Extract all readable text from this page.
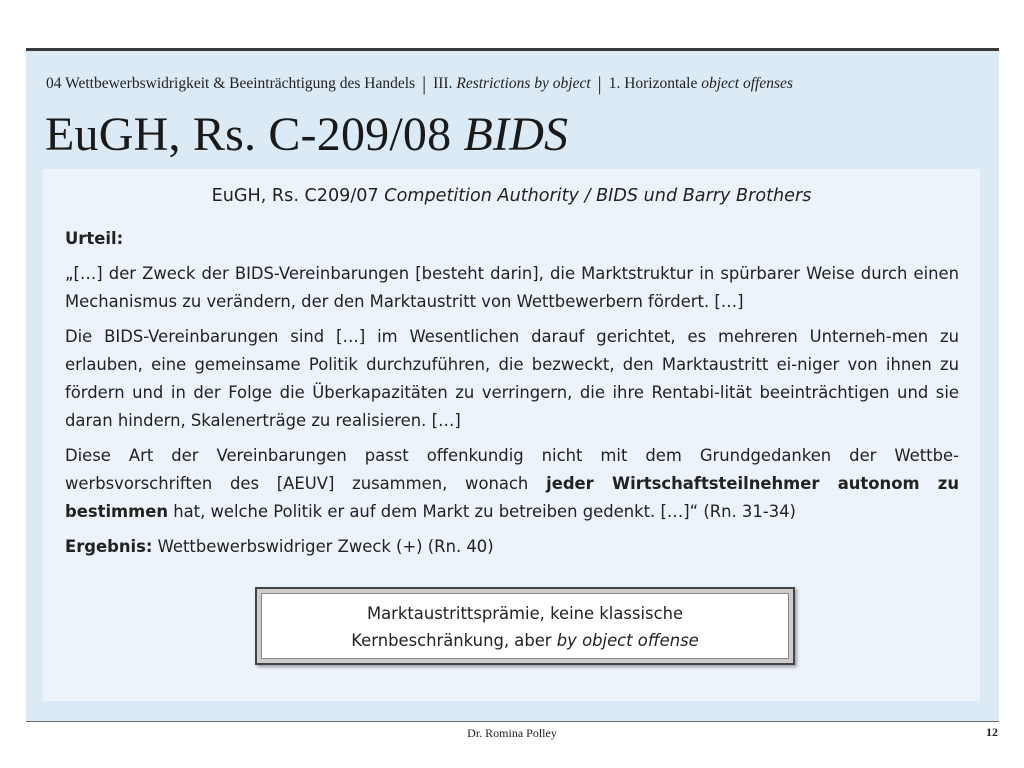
04 Wettbewerbswidrigkeit & Beeinträchtigung des Handels | III. Restrictions by object | 1. Horizontale object offenses
EuGH, Rs. C-209/08 BIDS
EuGH, Rs. C209/07 Competition Authority / BIDS und Barry Brothers

Urteil:

„[…] der Zweck der BIDS-Vereinbarungen [besteht darin], die Marktstruktur in spürbarer Weise durch einen Mechanismus zu verändern, der den Marktaustritt von Wettbewerbern fördert. […]

Die BIDS-Vereinbarungen sind […] im Wesentlichen darauf gerichtet, es mehreren Unterneh-men zu erlauben, eine gemeinsame Politik durchzuführen, die bezweckt, den Marktaustritt ei-niger von ihnen zu fördern und in der Folge die Überkapazitäten zu verringern, die ihre Rentabi-lität beeinträchtigen und sie daran hindern, Skalenerträge zu realisieren. […]

Diese Art der Vereinbarungen passt offenkundig nicht mit dem Grundgedanken der Wettbe-werbsvorschriften des [AEUV] zusammen, wonach jeder Wirtschaftsteilnehmer autonom zu bestimmen hat, welche Politik er auf dem Markt zu betreiben gedenkt. […]“ (Rn. 31-34)

Ergebnis: Wettbewerbswidriger Zweck (+) (Rn. 40)

Marktaustrittsprämie, keine klassische
Kernbeschränkung, aber by object offense
Dr. Romina Polley	12
